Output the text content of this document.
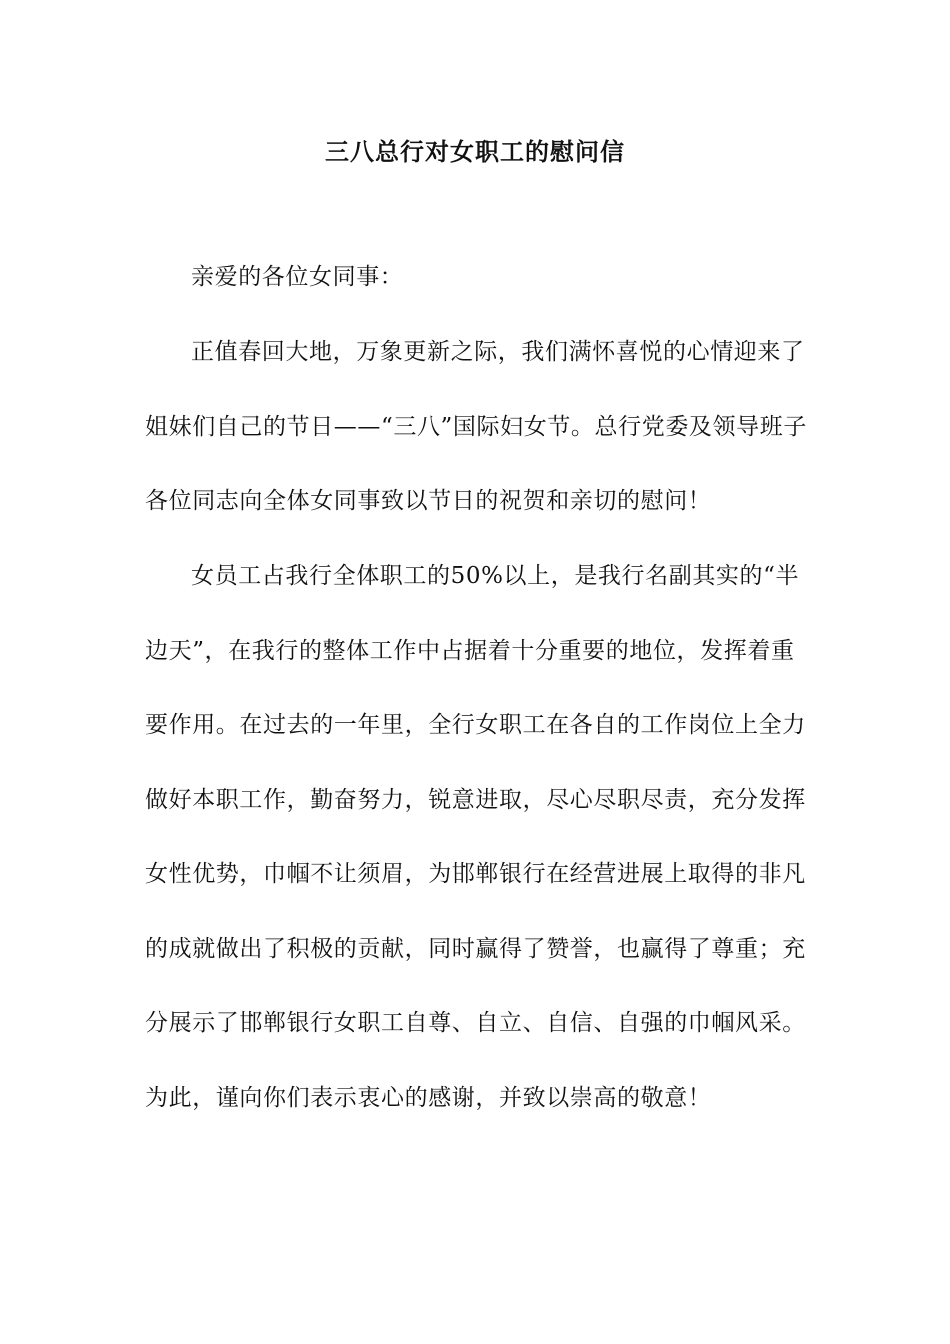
三八总行对女职工的慰问信

亲爱的各位女同事：

正值春回大地，万象更新之际，我们满怀喜悦的心情迎来了姐妹们自己的节日——“三八”国际妇女节。总行党委及领导班子各位同志向全体女同事致以节日的祝贺和亲切的慰问！

女员工占我行全体职工的50%以上，是我行名副其实的“半边天”，在我行的整体工作中占据着十分重要的地位，发挥着重要作用。在过去的一年里，全行女职工在各自的工作岗位上全力做好本职工作，勤奋努力，锐意进取，尽心尽职尽责，充分发挥女性优势，巾帼不让须眉，为邯郸银行在经营进展上取得的非凡的成就做出了积极的贡献，同时赢得了赞誉，也赢得了尊重；充分展示了邯郸银行女职工自尊、自立、自信、自强的巾帼风采。为此，谨向你们表示衷心的感谢，并致以崇高的敬意！
